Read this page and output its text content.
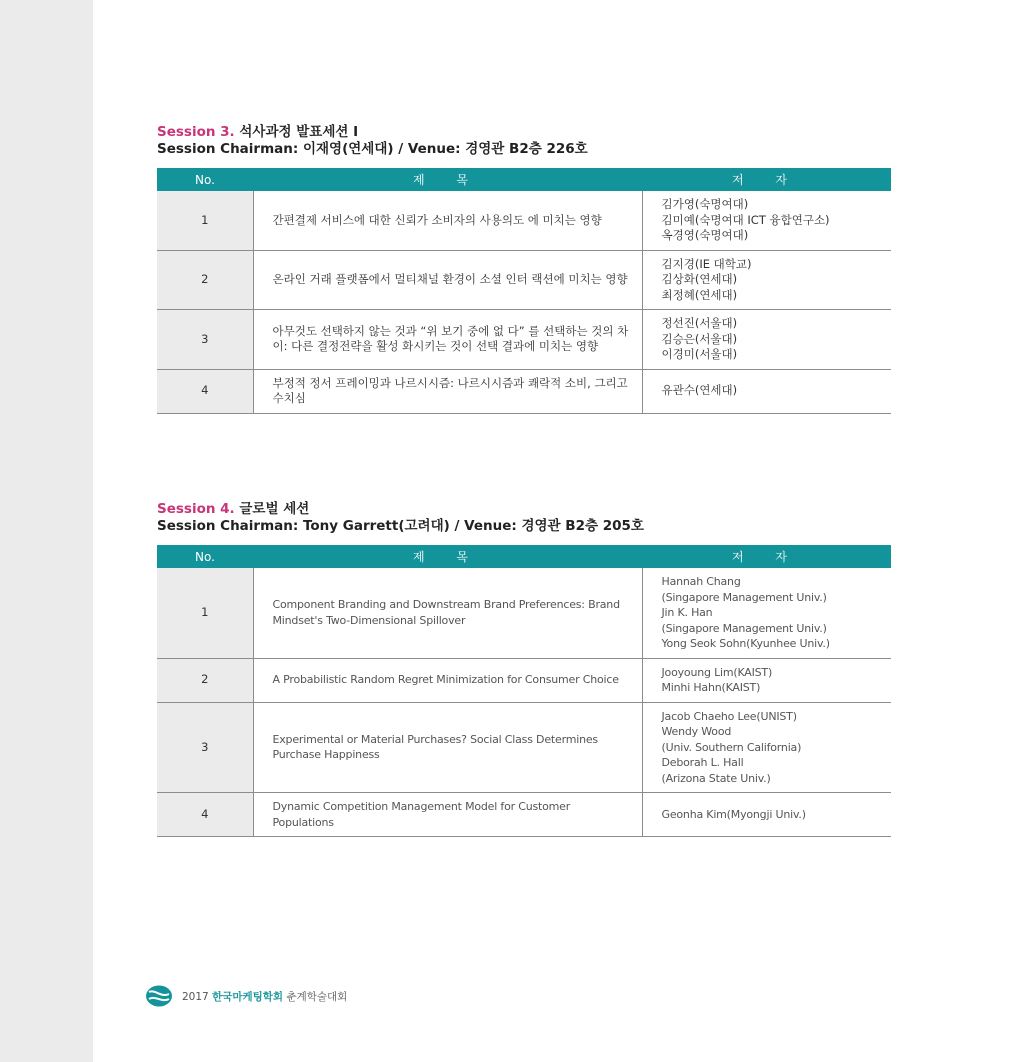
Session 3. 석사과정 발표세션 I
Session Chairman: 이재영(연세대) / Venue: 경영관 B2층 226호
No.	제 목	저 자
1	간편결제 서비스에 대한 신뢰가 소비자의 사용의도 에 미치는 영향	김가영(숙명여대)
김미예(숙명여대 ICT 융합연구소)
옥경영(숙명여대)

2	온라인 거래 플랫폼에서 멀티채널 환경이 소셜 인터 랙션에 미치는 영향	김지경(IE 대학교)
김상화(연세대)
최정혜(연세대)

3	아무것도 선택하지 않는 것과 “위 보기 중에 없 다” 를 선택하는 것의 차이: 다른 결정전략을 활성 화시키는 것이 선택 결과에 미치는 영향	정선진(서울대)
김승은(서울대)
이경미(서울대)

4	부정적 정서 프레이밍과 나르시시즘: 나르시시즘과 쾌락적 소비, 그리고 수치심	유관수(연세대)
Session 4. 글로벌 세션
Session Chairman: Tony Garrett(고려대) / Venue: 경영관 B2층 205호
No.	제 목	저 자
1	Component Branding and Downstream Brand Preferences: Brand Mindset's Two-Dimensional Spillover	Hannah Chang
(Singapore Management Univ.)
Jin K. Han
(Singapore Management Univ.)
Yong Seok Sohn(Kyunhee Univ.)

2	A Probabilistic Random Regret Minimization for Consumer Choice	Jooyoung Lim(KAIST)
Minhi Hahn(KAIST)

3	Experimental or Material Purchases? Social Class Determines Purchase Happiness	Jacob Chaeho Lee(UNIST)
Wendy Wood
(Univ. Southern California)
Deborah L. Hall
(Arizona State Univ.)

4	Dynamic Competition Management Model for Customer Populations	Geonha Kim(Myongji Univ.)
2017 한국마케팅학회 춘계학술대회
